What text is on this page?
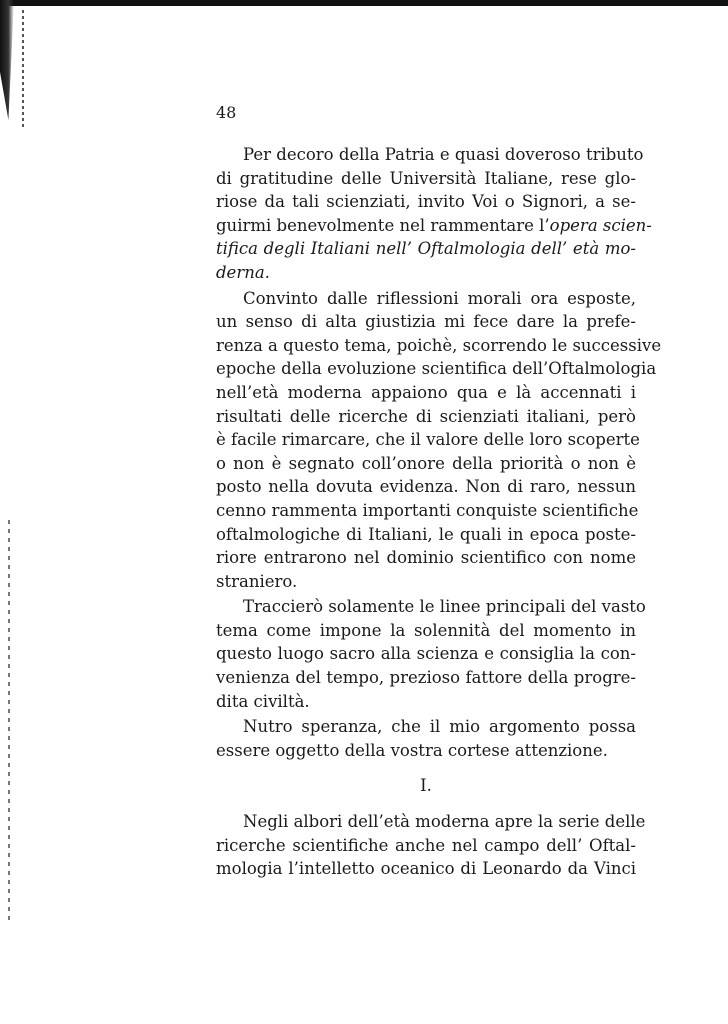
48
Per decoro della Patria e quasi doveroso tributo
di gratitudine delle Università Italiane, rese glo-
riose da tali scienziati, invito Voi o Signori, a se-
guirmi benevolmente nel rammentare l’opera scien-
tifica degli Italiani nell’ Oftalmologia dell’ età mo-
derna.
Convinto dalle riflessioni morali ora esposte,
un senso di alta giustizia mi fece dare la prefe-
renza a questo tema, poichè, scorrendo le successive
epoche della evoluzione scientifica dell’Oftalmologia
nell’età moderna appaiono qua e là accennati i
risultati delle ricerche di scienziati italiani, però
è facile rimarcare, che il valore delle loro scoperte
o non è segnato coll’onore della priorità o non è
posto nella dovuta evidenza. Non di raro, nessun
cenno rammenta importanti conquiste scientifiche
oftalmologiche di Italiani, le quali in epoca poste-
riore entrarono nel dominio scientifico con nome
straniero.
Traccierò solamente le linee principali del vasto
tema come impone la solennità del momento in
questo luogo sacro alla scienza e consiglia la con-
venienza del tempo, prezioso fattore della progre-
dita civiltà.
Nutro speranza, che il mio argomento possa
essere oggetto della vostra cortese attenzione.
I.
Negli albori dell’età moderna apre la serie delle
ricerche scientifiche anche nel campo dell’ Oftal-
mologia l’intelletto oceanico di Leonardo da Vinci
